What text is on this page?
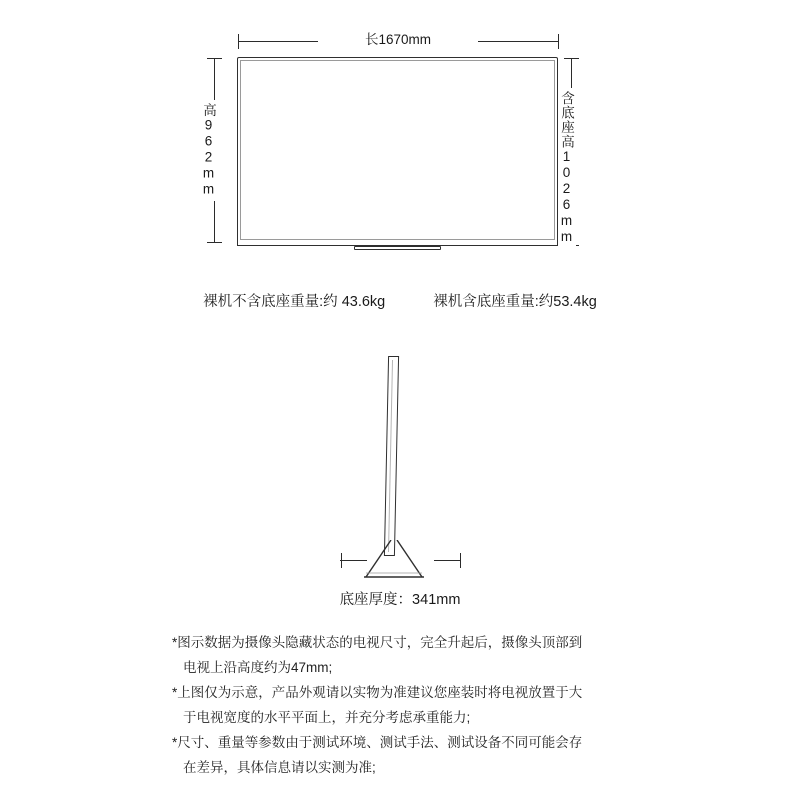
长1670mm
高962mm	含底座高1026mm
裸机不含底座重量:约 43.6kg	裸机含底座重量:约53.4kg
底座厚度：341mm
*图示数据为摄像头隐藏状态的电视尺寸，完全升起后，摄像头顶部到
电视上沿高度约为47mm;
*上图仅为示意，产品外观请以实物为准建议您座装时将电视放置于大
于电视宽度的水平平面上，并充分考虑承重能力;
*尺寸、重量等参数由于测试环境、测试手法、测试设备不同可能会存
在差异，具体信息请以实测为准;
